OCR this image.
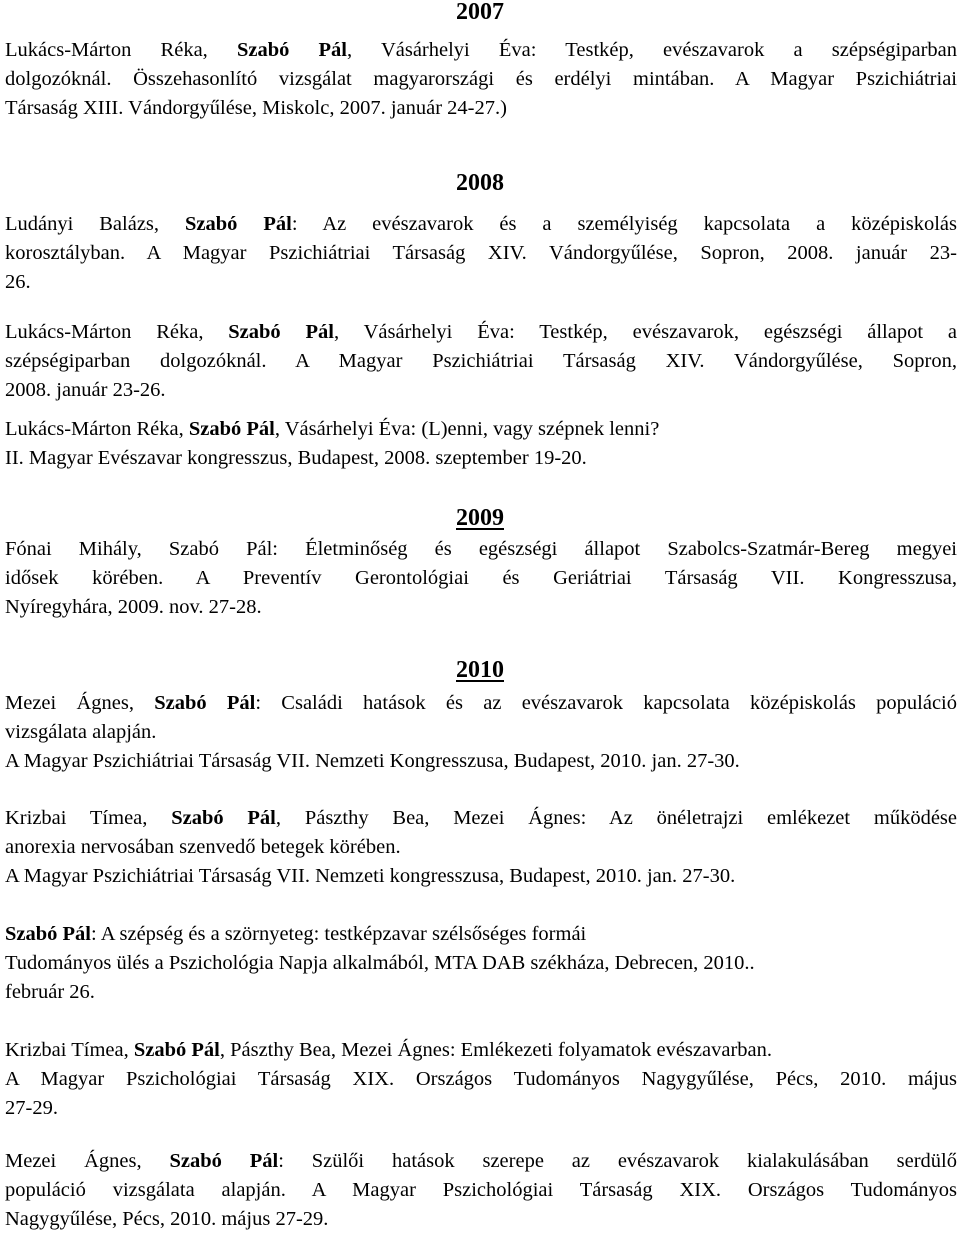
2007
Lukács-Márton Réka, Szabó Pál, Vásárhelyi Éva: Testkép, evészavarok a szépségiparban
dolgozóknál. Összehasonlító vizsgálat magyarországi és erdélyi mintában. A Magyar Pszichiátriai
Társaság XIII. Vándorgyűlése, Miskolc, 2007. január 24-27.)
2008
Ludányi Balázs, Szabó Pál: Az evészavarok és a személyiség kapcsolata a középiskolás
korosztályban. A Magyar Pszichiátriai Társaság XIV. Vándorgyűlése, Sopron, 2008. január 23-
26.
Lukács-Márton Réka, Szabó Pál, Vásárhelyi Éva: Testkép, evészavarok, egészségi állapot a
szépségiparban dolgozóknál. A Magyar Pszichiátriai Társaság XIV. Vándorgyűlése, Sopron,
2008. január 23-26.
Lukács-Márton Réka, Szabó Pál, Vásárhelyi Éva: (L)enni, vagy szépnek lenni?
II. Magyar Evészavar kongresszus, Budapest, 2008. szeptember 19-20.
2009
Fónai Mihály, Szabó Pál: Életminőség és egészségi állapot Szabolcs-Szatmár-Bereg megyei
idősek körében. A Preventív Gerontológiai és Geriátriai Társaság VII. Kongresszusa,
Nyíregyhára, 2009. nov. 27-28.
2010
Mezei Ágnes, Szabó Pál: Családi hatások és az evészavarok kapcsolata középiskolás populáció
vizsgálata alapján.
A Magyar Pszichiátriai Társaság VII. Nemzeti Kongresszusa, Budapest, 2010. jan. 27-30.
Krizbai Tímea, Szabó Pál, Pászthy Bea, Mezei Ágnes: Az önéletrajzi emlékezet működése
anorexia nervosában szenvedő betegek körében.
A Magyar Pszichiátriai Társaság VII. Nemzeti kongresszusa, Budapest, 2010. jan. 27-30.
Szabó Pál: A szépség és a szörnyeteg: testképzavar szélsőséges formái
Tudományos ülés a Pszichológia Napja alkalmából, MTA DAB székháza, Debrecen, 2010..
február 26.
Krizbai Tímea, Szabó Pál, Pászthy Bea, Mezei Ágnes: Emlékezeti folyamatok evészavarban.
A Magyar Pszichológiai Társaság XIX. Országos Tudományos Nagygyűlése, Pécs, 2010. május
27-29.
Mezei Ágnes, Szabó Pál: Szülői hatások szerepe az evészavarok kialakulásában serdülő
populáció vizsgálata alapján. A Magyar Pszichológiai Társaság XIX. Országos Tudományos
Nagygyűlése, Pécs, 2010. május 27-29.
